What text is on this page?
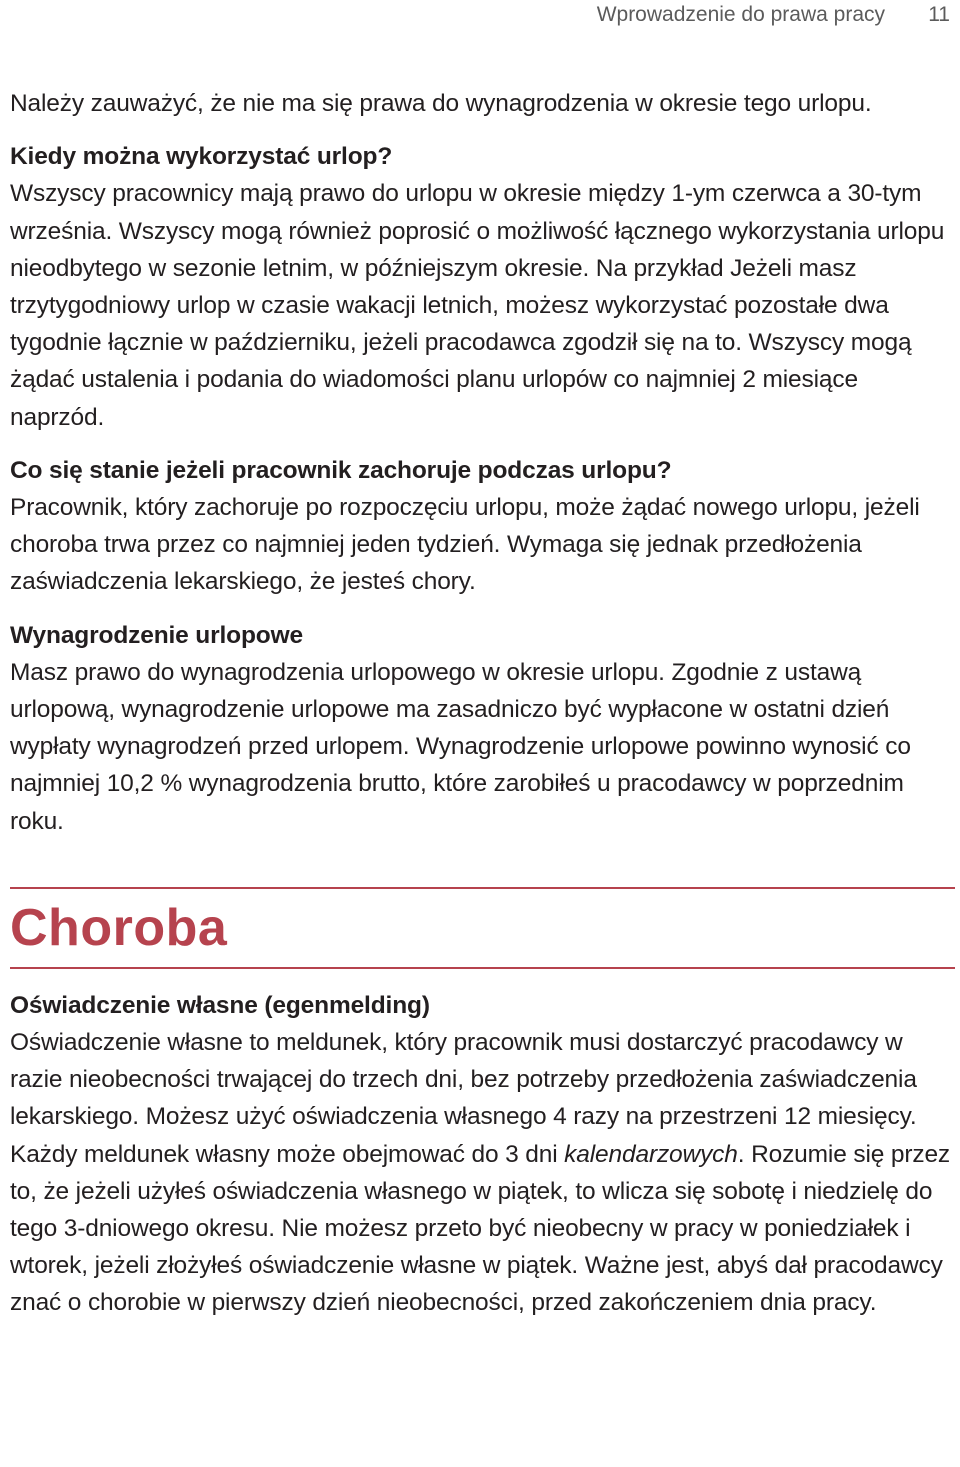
Wprowadzenie do prawa pracy 11

Należy zauważyć, że nie ma się prawa do wynagrodzenia w okresie tego urlopu.

Kiedy można wykorzystać urlop?

Wszyscy pracownicy mają prawo do urlopu w okresie między 1-ym czerwca a 30-tym września. Wszyscy mogą również poprosić o możliwość łącznego wykorzystania urlopu nieodbytego w sezonie letnim, w późniejszym okresie. Na przykład Jeżeli masz trzytygodniowy urlop w czasie wakacji letnich, możesz wykorzystać pozostałe dwa tygodnie łącznie w październiku, jeżeli pracodawca zgodził się na to. Wszyscy mogą żądać ustalenia i podania do wiadomości planu urlopów co najmniej 2 miesiące naprzód.

Co się stanie jeżeli pracownik zachoruje podczas urlopu?

Pracownik, który zachoruje po rozpoczęciu urlopu, może żądać nowego urlopu, jeżeli choroba trwa przez co najmniej jeden tydzień. Wymaga się jednak przedłożenia zaświadczenia lekarskiego, że jesteś chory.

Wynagrodzenie urlopowe

Masz prawo do wynagrodzenia urlopowego w okresie urlopu. Zgodnie z ustawą urlopową, wynagrodzenie urlopowe ma zasadniczo być wypłacone w ostatni dzień wypłaty wynagrodzeń przed urlopem. Wynagrodzenie urlopowe powinno wynosić co najmniej 10,2 % wynagrodzenia brutto, które zarobiłeś u pracodawcy w poprzednim roku.

Choroba
Oświadczenie własne (egenmelding)

Oświadczenie własne to meldunek, który pracownik musi dostarczyć pracodawcy w razie nieobecności trwającej do trzech dni, bez potrzeby przedłożenia zaświadczenia lekarskiego. Możesz użyć oświadczenia własnego 4 razy na przestrzeni 12 miesięcy. Każdy meldunek własny może obejmować do 3 dni kalendarzowych. Rozumie się przez to, że jeżeli użyłeś oświadczenia własnego w piątek, to wlicza się sobotę i niedzielę do tego 3-dniowego okresu. Nie możesz przeto być nieobecny w pracy w poniedziałek i wtorek, jeżeli złożyłeś oświadczenie własne w piątek. Ważne jest, abyś dał pracodawcy znać o chorobie w pierwszy dzień nieobecności, przed zakończeniem dnia pracy.
